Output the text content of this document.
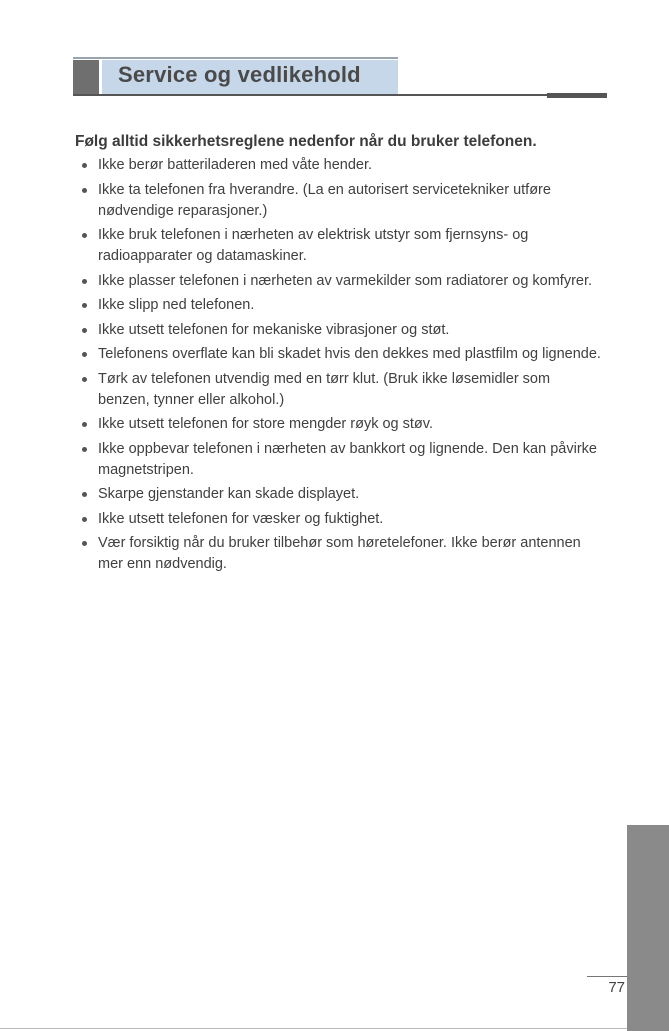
Service og vedlikehold
Følg alltid sikkerhetsreglene nedenfor når du bruker telefonen.
Ikke berør batteriladeren med våte hender.
Ikke ta telefonen fra hverandre. (La en autorisert servicetekniker utføre nødvendige reparasjoner.)
Ikke bruk telefonen i nærheten av elektrisk utstyr som fjernsyns- og radioapparater og datamaskiner.
Ikke plasser telefonen i nærheten av varmekilder som radiatorer og komfyrer.
Ikke slipp ned telefonen.
Ikke utsett telefonen for mekaniske vibrasjoner og støt.
Telefonens overflate kan bli skadet hvis den dekkes med plastfilm og lignende.
Tørk av telefonen utvendig med en tørr klut. (Bruk ikke løsemidler som benzen, tynner eller alkohol.)
Ikke utsett telefonen for store mengder røyk og støv.
Ikke oppbevar telefonen i nærheten av bankkort og lignende. Den kan påvirke magnetstripen.
Skarpe gjenstander kan skade displayet.
Ikke utsett telefonen for væsker og fuktighet.
Vær forsiktig når du bruker tilbehør som høretelefoner. Ikke berør antennen mer enn nødvendig.
77
